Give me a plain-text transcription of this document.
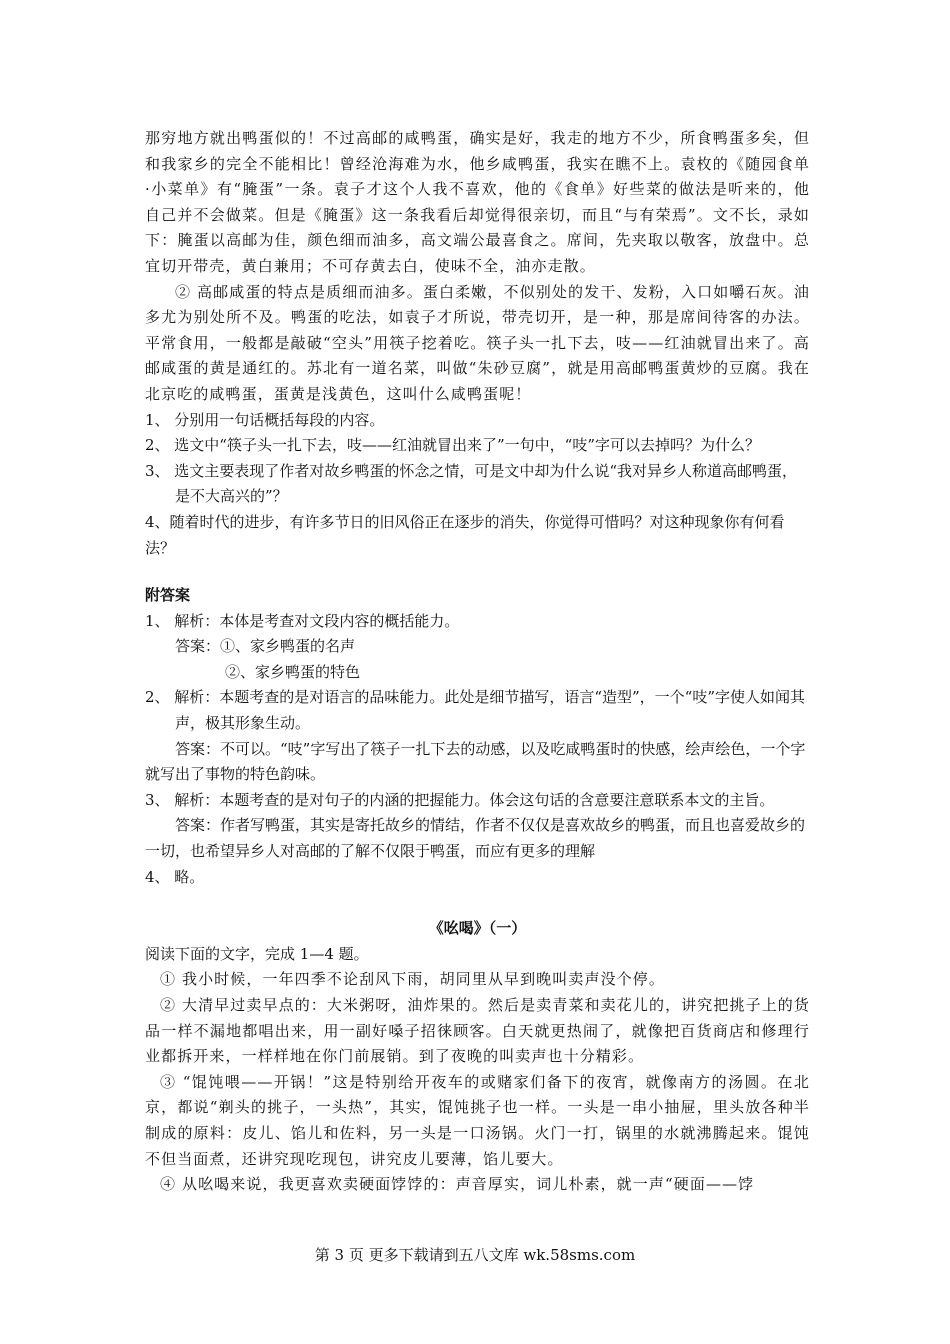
那穷地方就出鸭蛋似的！不过高邮的咸鸭蛋，确实是好，我走的地方不少，所食鸭蛋多矣，但和我家乡的完全不能相比！曾经沧海难为水，他乡咸鸭蛋，我实在瞧不上。袁枚的《随园食单·小菜单》有“腌蛋”一条。袁子才这个人我不喜欢，他的《食单》好些菜的做法是听来的，他自己并不会做菜。但是《腌蛋》这一条我看后却觉得很亲切，而且“与有荣焉”。文不长，录如下：腌蛋以高邮为佳，颜色细而油多，高文端公最喜食之。席间，先夹取以敬客，放盘中。总宜切开带壳，黄白兼用；不可存黄去白，使味不全，油亦走散。

② 高邮咸蛋的特点是质细而油多。蛋白柔嫩，不似别处的发干、发粉，入口如嚼石灰。油多尤为别处所不及。鸭蛋的吃法，如袁子才所说，带壳切开，是一种，那是席间待客的办法。平常食用，一般都是敲破“空头”用筷子挖着吃。筷子头一扎下去，吱——红油就冒出来了。高邮咸蛋的黄是通红的。苏北有一道名菜，叫做“朱砂豆腐”，就是用高邮鸭蛋黄炒的豆腐。我在北京吃的咸鸭蛋，蛋黄是浅黄色，这叫什么咸鸭蛋呢！

1、 分别用一句话概括每段的内容。

2、 选文中“筷子头一扎下去，吱——红油就冒出来了”一句中，“吱”字可以去掉吗？为什么？

3、 选文主要表现了作者对故乡鸭蛋的怀念之情，可是文中却为什么说“我对异乡人称道高邮鸭蛋，是不大高兴的”？

4、随着时代的进步，有许多节日的旧风俗正在逐步的消失，你觉得可惜吗？对这种现象你有何看法？

附答案

1、 解析：本体是考查对文段内容的概括能力。

答案：①、家乡鸭蛋的名声

②、家乡鸭蛋的特色

2、 解析：本题考查的是对语言的品味能力。此处是细节描写，语言“造型”，一个“吱”字使人如闻其声，极其形象生动。

答案：不可以。“吱”字写出了筷子一扎下去的动感，以及吃咸鸭蛋时的快感，绘声绘色，一个字就写出了事物的特色韵味。

3、 解析：本题考查的是对句子的内涵的把握能力。体会这句话的含意要注意联系本文的主旨。

答案：作者写鸭蛋，其实是寄托故乡的情结，作者不仅仅是喜欢故乡的鸭蛋，而且也喜爱故乡的一切，也希望异乡人对高邮的了解不仅限于鸭蛋，而应有更多的理解

4、 略。

《吆喝》（一）

阅读下面的文字，完成 1—4 题。

① 我小时候，一年四季不论刮风下雨，胡同里从早到晚叫卖声没个停。

② 大清早过卖早点的：大米粥呀，油炸果的。然后是卖青菜和卖花儿的，讲究把挑子上的货品一样不漏地都唱出来，用一副好嗓子招徕顾客。白天就更热闹了，就像把百货商店和修理行业都拆开来，一样样地在你门前展销。到了夜晚的叫卖声也十分精彩。

③ “馄饨喂——开锅！”这是特别给开夜车的或赌家们备下的夜宵，就像南方的汤圆。在北京，都说“剃头的挑子，一头热”，其实，馄饨挑子也一样。一头是一串小抽屉，里头放各种半制成的原料：皮儿、馅儿和佐料，另一头是一口汤锅。火门一打，锅里的水就沸腾起来。馄饨不但当面煮，还讲究现吃现包，讲究皮儿要薄，馅儿要大。

④ 从吆喝来说，我更喜欢卖硬面饽饽的：声音厚实，词儿朴素，就一声“硬面——饽

第 3 页 更多下载请到五八文库 wk.58sms.com
